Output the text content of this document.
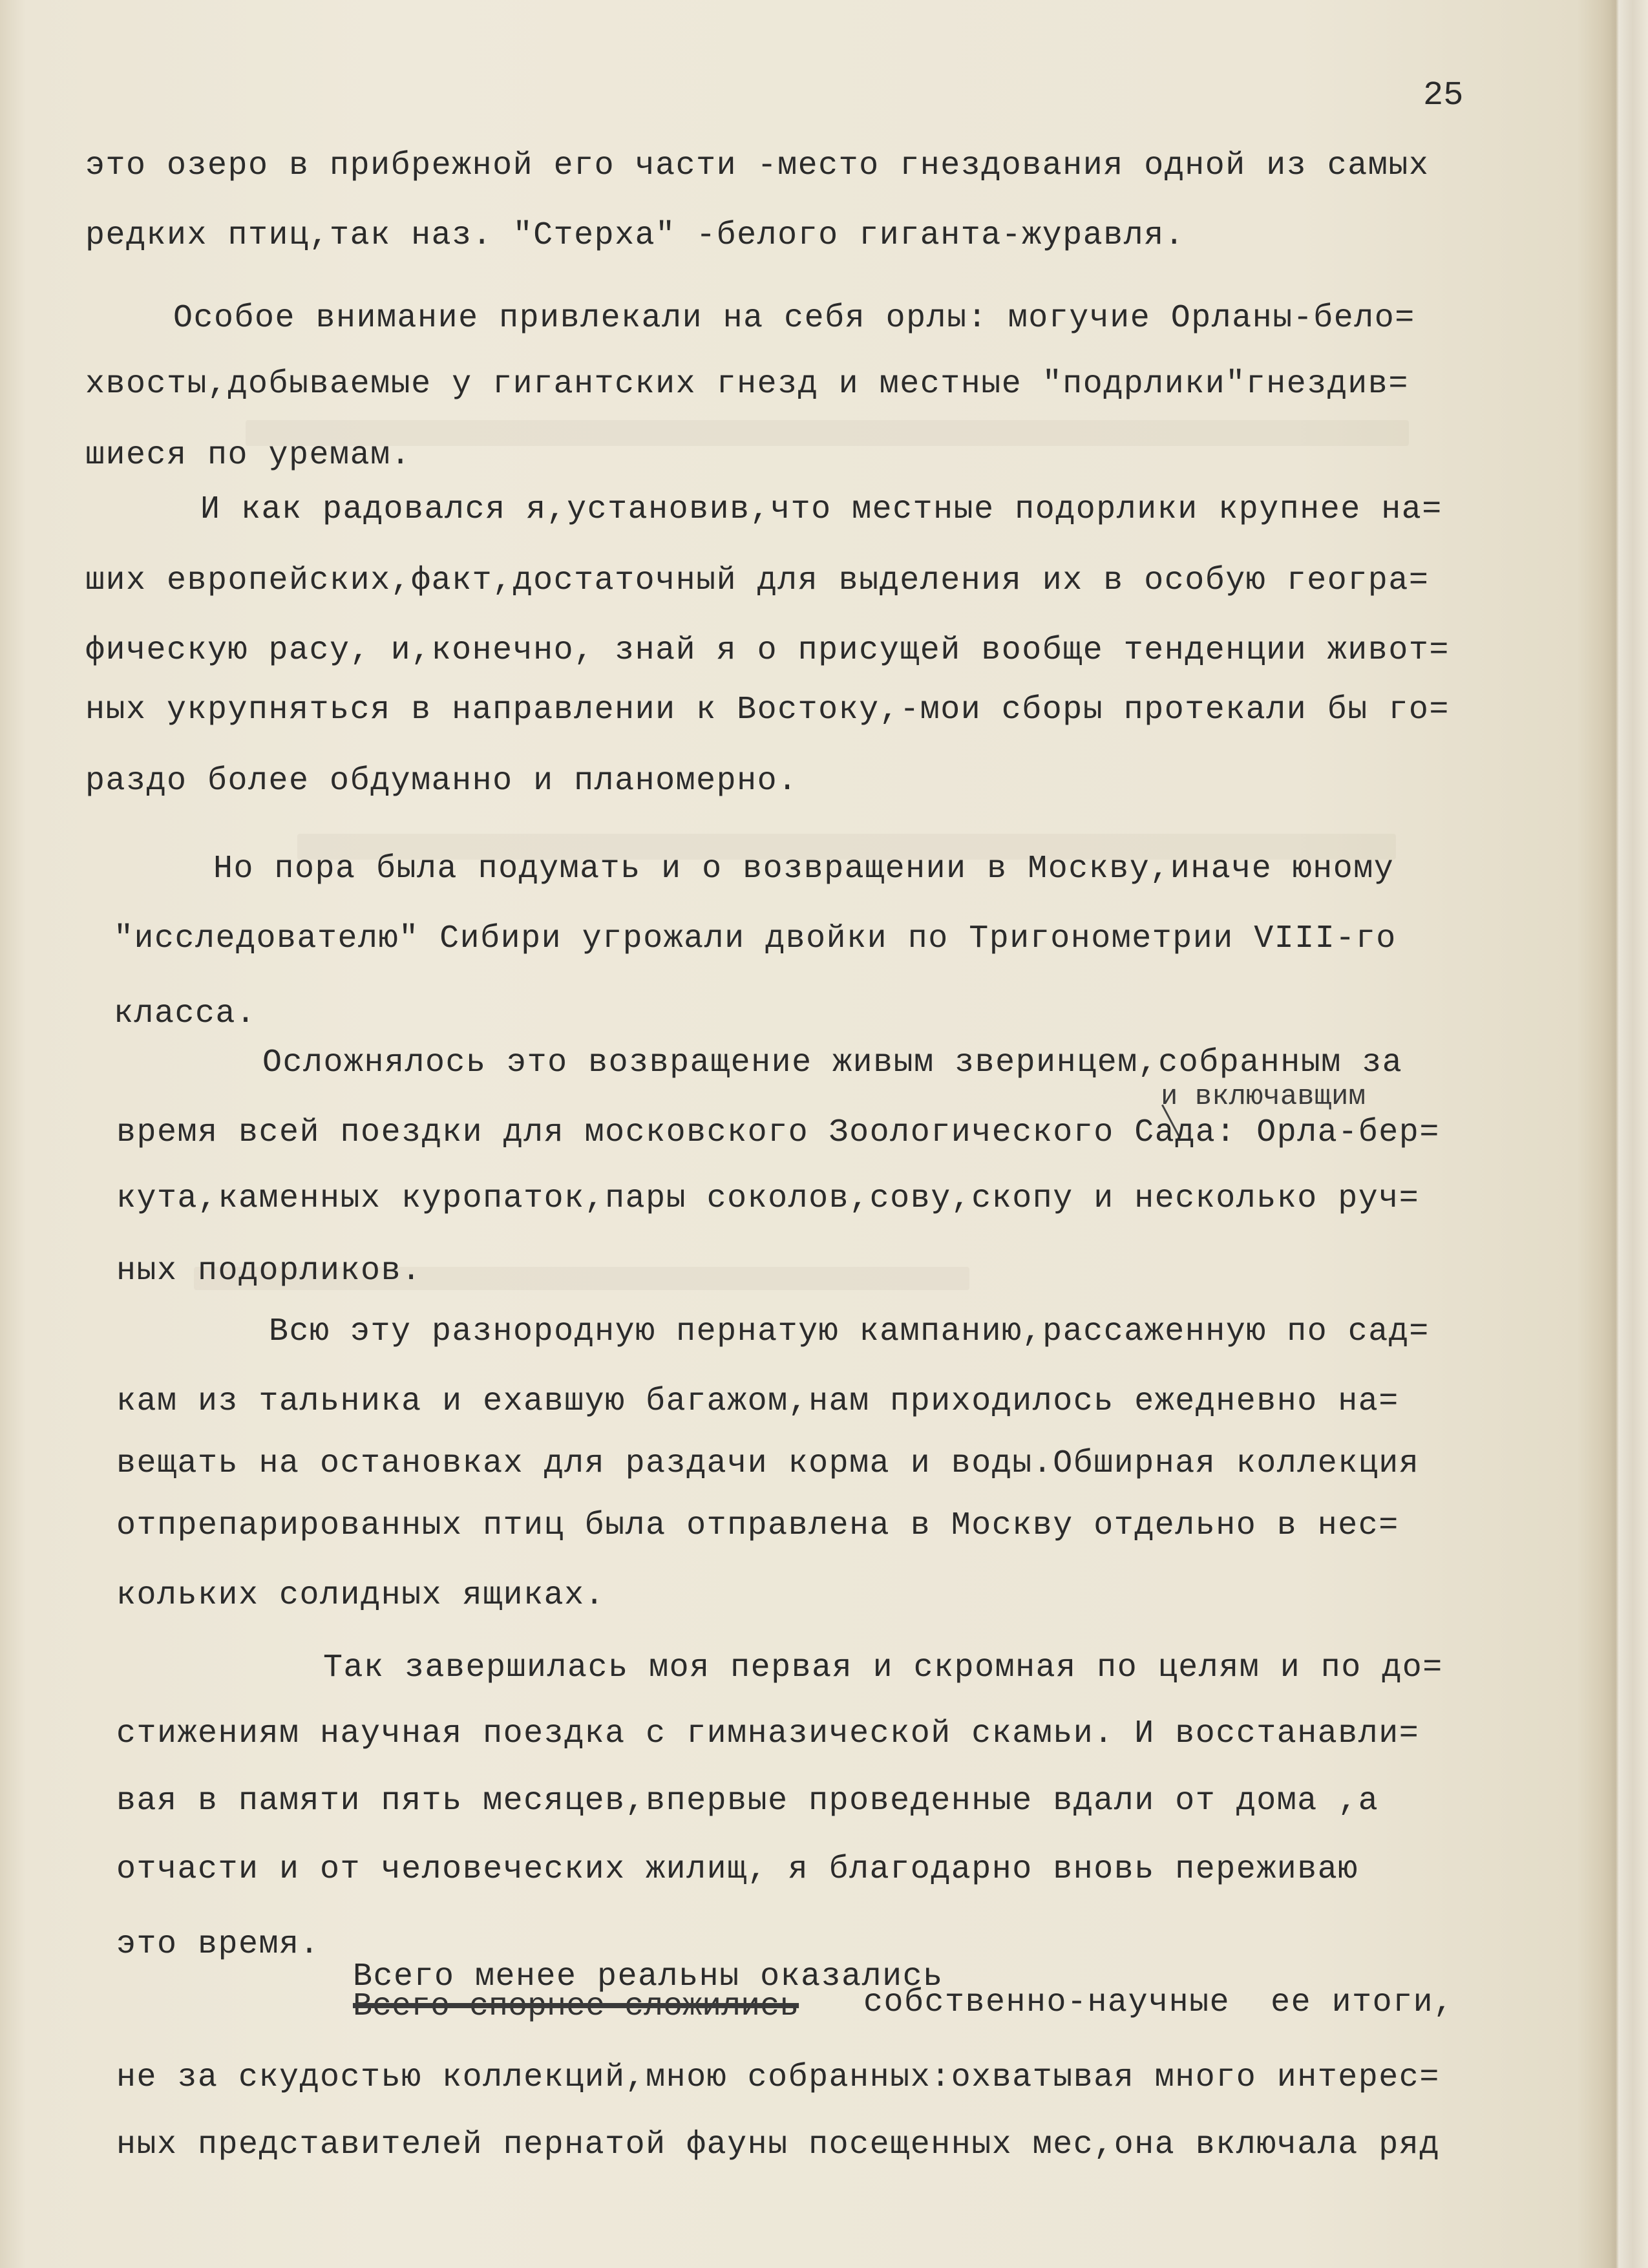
25
это озеро в прибрежной его части -место гнездования одной из самых
редких птиц,так наз. "Стерха" -белого гиганта-журавля.
Особое внимание привлекали на себя орлы: могучие Орланы-бело=
хвосты,добываемые у гигантских гнезд и местные "подрлики"гнездив=
шиеся по уремам.
И как радовался я,установив,что местные подорлики крупнее на=
ших европейских,факт,достаточный для выделения их в особую геогра=
фическую расу, и,конечно, знай я о присущей вообще тенденции живот=
ных укрупняться в направлении к Востоку,-мои сборы протекали бы го=
раздо более обдуманно и планомерно.
Но пора была подумать и о возвращении в Москву,иначе юному
"исследователю" Сибири угрожали двойки по Тригонометрии VIII-го
класса.
Осложнялось это возвращение живым зверинцем,собранным за
и включавщим
время всей поездки для московского Зоологического Сада: Орла-бер=
кута,каменных куропаток,пары соколов,сову,скопу и несколько руч=
ных подорликов.
Всю эту разнородную пернатую кампанию,рассаженную по сад=
кам из тальника и ехавшую багажом,нам приходилось ежедневно на=
вещать на остановках для раздачи корма и воды.Обширная коллекция
отпрепарированных птиц была отправлена в Москву отдельно в нес=
кольких солидных ящиках.
Так завершилась моя первая и скромная по целям и по до=
стижениям научная поездка с гимназической скамьи. И восстанавли=
вая в памяти пять месяцев,впервые проведенные вдали от дома ,а
отчасти и от человеческих жилищ, я благодарно вновь переживаю
это время.
Всего менее реальны оказались
Всего спорнее сложились собственно-научные  ее итоги,
не за скудостью коллекций,мною собранных:охватывая много интерес=
ных представителей пернатой фауны посещенных мес,она включала ряд
